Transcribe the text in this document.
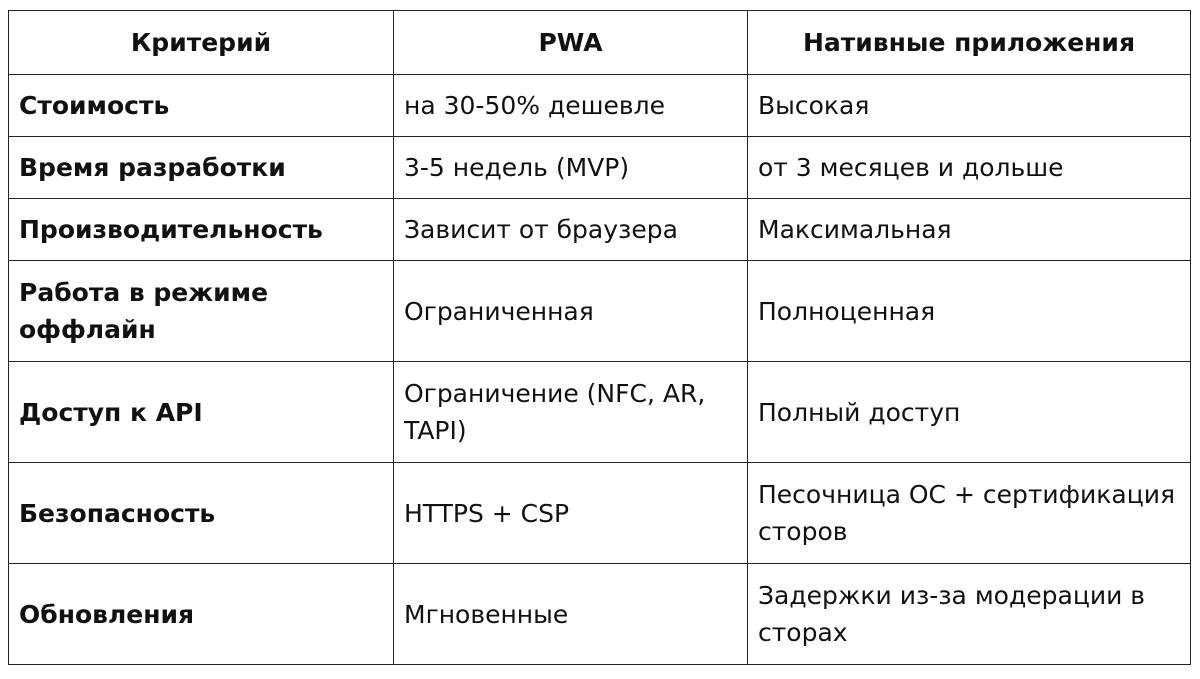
Критерий	PWA	Нативные приложения
Стоимость	на 30-50% дешевле	Высокая
Время разработки	3-5 недель (MVP)	от 3 месяцев и дольше
Производительность	Зависит от браузера	Максимальная
Работа в режиме оффлайн	Ограниченная	Полноценная
Доступ к API	Ограничение (NFC, AR, TAPI)	Полный доступ
Безопасность	HTTPS + CSP	Песочница ОС + сертификация сторов
Обновления	Мгновенные	Задержки из-за модерации в сторах
